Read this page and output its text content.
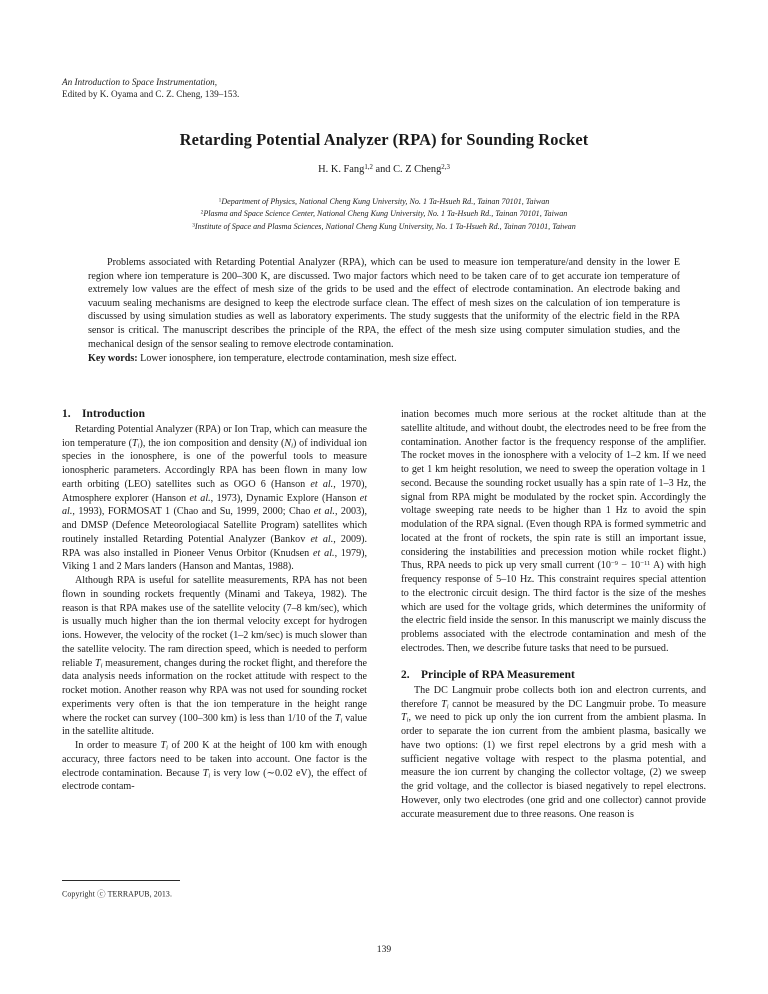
An Introduction to Space Instrumentation,
Edited by K. Oyama and C. Z. Cheng, 139–153.
Retarding Potential Analyzer (RPA) for Sounding Rocket
H. K. Fang$^{1,2}$ and C. Z Cheng$^{2,3}$
$^1$Department of Physics, National Cheng Kung University, No. 1 Ta-Hsueh Rd., Tainan 70101, Taiwan
$^2$Plasma and Space Science Center, National Cheng Kung University, No. 1 Ta-Hsueh Rd., Tainan 70101, Taiwan
$^3$Institute of Space and Plasma Sciences, National Cheng Kung University, No. 1 Ta-Hsueh Rd., Tainan 70101, Taiwan

Problems associated with Retarding Potential Analyzer (RPA), which can be used to measure ion temperature/and density in the lower E region where ion temperature is 200–300 K, are discussed. Two major factors which need to be taken care of to get accurate ion temperature of extremely low values are the effect of mesh size of the grids to be used and the effect of electrode contamination. An electrode baking and vacuum sealing mechanisms are designed to keep the electrode surface clean. The effect of mesh sizes on the calculation of ion temperature is discussed by using simulation studies as well as laboratory experiments. The study suggests that the uniformity of the electric field in the RPA sensor is critical. The manuscript describes the principle of the RPA, the effect of the mesh size using computer simulation studies, and the mechanical design of the sensor sealing to remove electrode contamination.

Key words: Lower ionosphere, ion temperature, electrode contamination, mesh size effect.

1. Introduction

Retarding Potential Analyzer (RPA) or Ion Trap, which can measure the ion temperature $(T_i)$, the ion composition and density $(N_i)$ of individual ion species in the ionosphere, is one of the powerful tools to measure ionospheric parameters. Accordingly RPA has been flown in many low earth orbiting (LEO) satellites such as OGO 6 (Hanson et al., 1970), Atmosphere explorer (Hanson et al., 1973), Dynamic Explore (Hanson et al., 1993), FORMOSAT 1 (Chao and Su, 1999, 2000; Chao et al., 2003), and DMSP (Defence Meteorologiacal Satellite Program) satellites which routinely installed Retarding Potential Analyzer (Bankov et al., 2009). RPA was also installed in Pioneer Venus Orbitor (Knudsen et al., 1979), Viking 1 and 2 Mars landers (Hanson and Mantas, 1988).

Although RPA is useful for satellite measurements, RPA has not been flown in sounding rockets frequently (Minami and Takeya, 1982). The reason is that RPA makes use of the satellite velocity (7–8 km/sec), which is usually much higher than the ion thermal velocity except for hydrogen ions. However, the velocity of the rocket (1–2 km/sec) is much slower than the satellite velocity. The ram direction speed, which is needed to perform reliable $T_i$ measurement, changes during the rocket flight, and therefore the data analysis needs information on the rocket attitude with respect to the rocket motion. Another reason why RPA was not used for sounding rocket experiments very often is that the ion temperature in the height range where the rocket can survey (100–300 km) is less than 1/10 of the $T_i$ value in the satellite altitude.

In order to measure $T_i$ of 200 K at the height of 100 km with enough accuracy, three factors need to be taken into account. One factor is the electrode contamination. Because $T_i$ is very low (∼0.02 eV), the effect of electrode contam-

ination becomes much more serious at the rocket altitude than at the satellite altitude, and without doubt, the electrodes need to be free from the contamination. Another factor is the frequency response of the amplifier. The rocket moves in the ionosphere with a velocity of 1–2 km. If we need to get 1 km height resolution, we need to sweep the operation voltage in 1 second. Because the sounding rocket usually has a spin rate of 1–3 Hz, the signal from RPA might be modulated by the rocket spin. Accordingly the voltage sweeping rate needs to be higher than 1 Hz to avoid the spin modulation of the RPA signal. (Even though RPA is formed symmetric and located at the front of rockets, the spin rate is still an important issue, considering the instabilities and precession motion while rocket flight.) Thus, RPA needs to pick up very small current ($10^{-9} - 10^{-11}$ A) with high frequency response of 5–10 Hz. This constraint requires special attention to the electronic circuit design. The third factor is the size of the meshes which are used for the voltage grids, which determines the uniformity of the electric field inside the sensor. In this manuscript we mainly discuss the problems associated with the electrode contamination and mesh of the electrodes. Then, we describe future tasks that need to be pursued.

2. Principle of RPA Measurement

The DC Langmuir probe collects both ion and electron currents, and therefore $T_i$ cannot be measured by the DC Langmuir probe. To measure $T_i$, we need to pick up only the ion current from the ambient plasma. In order to separate the ion current from the ambient plasma, basically we have two options: (1) we first repel electrons by a grid mesh with a sufficient negative voltage with respect to the plasma potential, and measure the ion current by changing the collector voltage, (2) we sweep the grid voltage, and the collector is biased negatively to repel electrons. However, only two electrodes (one grid and one collector) cannot provide accurate measurement due to three reasons. One reason is

Copyright ⓒ TERRAPUB, 2013.
139
